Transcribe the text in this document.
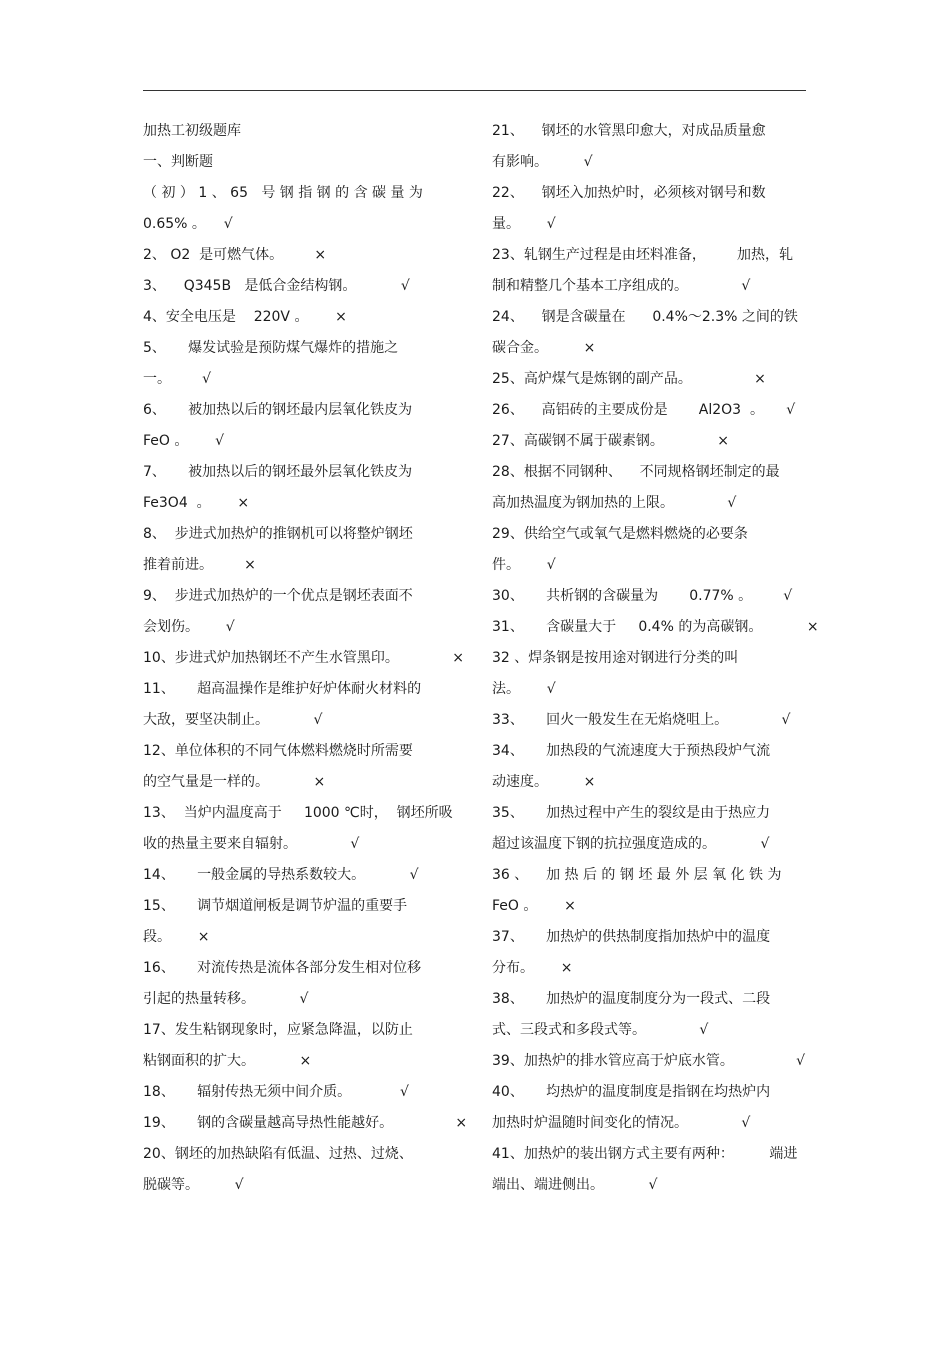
加热工初级题库
一、判断题
（ 初 ） 1 、 65   号 钢 指 钢 的 含 碳 量 为
0.65% 。    √
2、 O2  是可燃气体。       ×
3、    Q345B   是低合金结构钢。          √
4、安全电压是    220V 。      ×
5、     爆发试验是预防煤气爆炸的措施之
一。       √
6、     被加热以后的钢坯最内层氧化铁皮为
FeO 。      √
7、     被加热以后的钢坯最外层氧化铁皮为
Fe3O4  。      ×
8、  步进式加热炉的推钢机可以将整炉钢坯
推着前进。       ×
9、  步进式加热炉的一个优点是钢坯表面不
会划伤。      √
10、步进式炉加热钢坯不产生水管黑印。            ×
11、     超高温操作是维护好炉体耐火材料的
大敌，要坚决制止。          √
12、单位体积的不同气体燃料燃烧时所需要
的空气量是一样的。          ×
13、  当炉内温度高于     1000 ℃时，  钢坯所吸
收的热量主要来自辐射。            √
14、     一般金属的导热系数较大。          √
15、     调节烟道闸板是调节炉温的重要手
段。      ×
16、     对流传热是流体各部分发生相对位移
引起的热量转移。          √
17、发生粘钢现象时，应紧急降温，以防止
粘钢面积的扩大。          ×
18、     辐射传热无须中间介质。           √
19、     钢的含碳量越高导热性能越好。              ×
20、钢坯的加热缺陷有低温、过热、过烧、
脱碳等。        √
21、    钢坯的水管黑印愈大，对成品质量愈
有影响。        √
22、    钢坯入加热炉时，必须核对钢号和数
量。      √
23、轧钢生产过程是由坯料准备，       加热，轧
制和精整几个基本工序组成的。            √
24、    钢是含碳量在      0.4%～2.3% 之间的铁
碳合金。        ×
25、高炉煤气是炼钢的副产品。              ×
26、    高铝砖的主要成份是       Al2O3  。     √
27、高碳钢不属于碳素钢。            ×
28、根据不同钢种、    不同规格钢坯制定的最
高加热温度为钢加热的上限。            √
29、供给空气或氧气是燃料燃烧的必要条
件。      √
30、     共析钢的含碳量为       0.77% 。       √
31、     含碳量大于     0.4% 的为高碳钢。          ×
32 、焊条钢是按用途对钢进行分类的叫
法。      √
33、     回火一般发生在无焰烧咀上。            √
34、     加热段的气流速度大于预热段炉气流
动速度。        ×
35、     加热过程中产生的裂纹是由于热应力
超过该温度下钢的抗拉强度造成的。          √
36 、    加 热 后 的 钢 坯 最 外 层 氧 化 铁 为
FeO 。      ×
37、     加热炉的供热制度指加热炉中的温度
分布。      ×
38、     加热炉的温度制度分为一段式、二段
式、三段式和多段式等。            √
39、加热炉的排水管应高于炉底水管。              √
40、     均热炉的温度制度是指钢在均热炉内
加热时炉温随时间变化的情况。            √
41、加热炉的装出钢方式主要有两种：        端进
端出、端进侧出。          √
